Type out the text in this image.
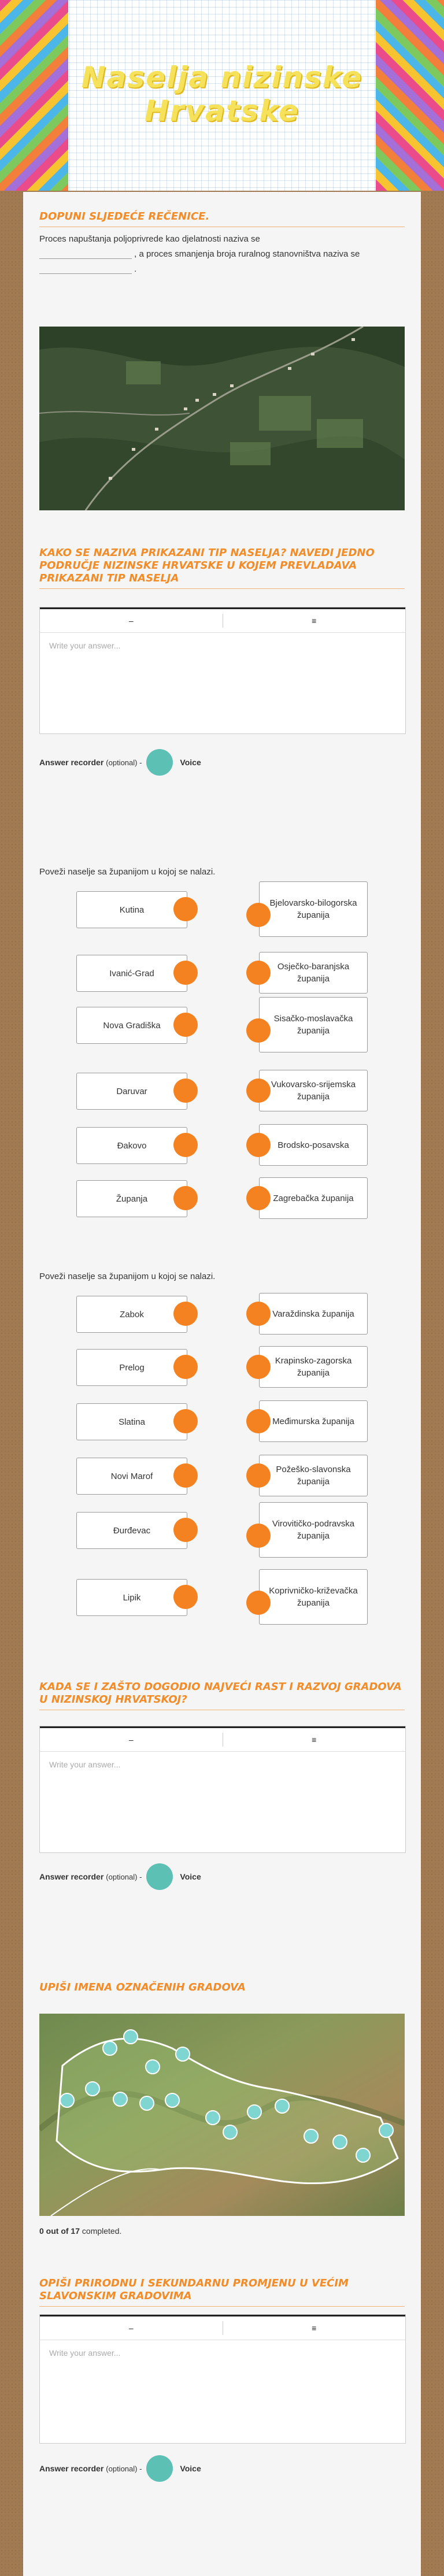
Naselja nizinske Hrvatske
DOPUNI SLJEDEĆE REČENICE.
Proces napuštanja poljoprivrede kao djelatnosti naziva se
, a proces smanjenja broja ruralnog stanovništva naziva se  .
KAKO SE NAZIVA PRIKAZANI TIP NASELJA? NAVEDI JEDNO PODRUČJE NIZINSKE HRVATSKE U KOJEM PREVLADAVA PRIKAZANI TIP NASELJA
–	≡
Write your answer...
Answer recorder (optional) -	Voice
Poveži naselje sa županijom u kojoj se nalazi.
Kutina
Ivanić-Grad
Nova Gradiška
Daruvar
Đakovo
Županja
Bjelovarsko-bilogorska županija
Osječko-baranjska županija
Sisačko-moslavačka županija
Vukovarsko-srijemska županija
Brodsko-posavska
Zagrebačka županija
Poveži naselje sa županijom u kojoj se nalazi.
Zabok
Prelog
Slatina
Novi Marof
Đurđevac
Lipik
Varaždinska županija
Krapinsko-zagorska županija
Međimurska županija
Požeško-slavonska županija
Virovitičko-podravska županija
Koprivničko-križevačka županija
KADA SE I ZAŠTO DOGODIO NAJVEĆI RAST I RAZVOJ GRADOVA U NIZINSKOJ HRVATSKOJ?
–	≡
Write your answer...
Answer recorder (optional) -	Voice
UPIŠI IMENA OZNAČENIH GRADOVA
0 out of 17 completed.
OPIŠI PRIRODNU I SEKUNDARNU PROMJENU U VEĆIM SLAVONSKIM GRADOVIMA
–	≡
Write your answer...
Answer recorder (optional) -	Voice
